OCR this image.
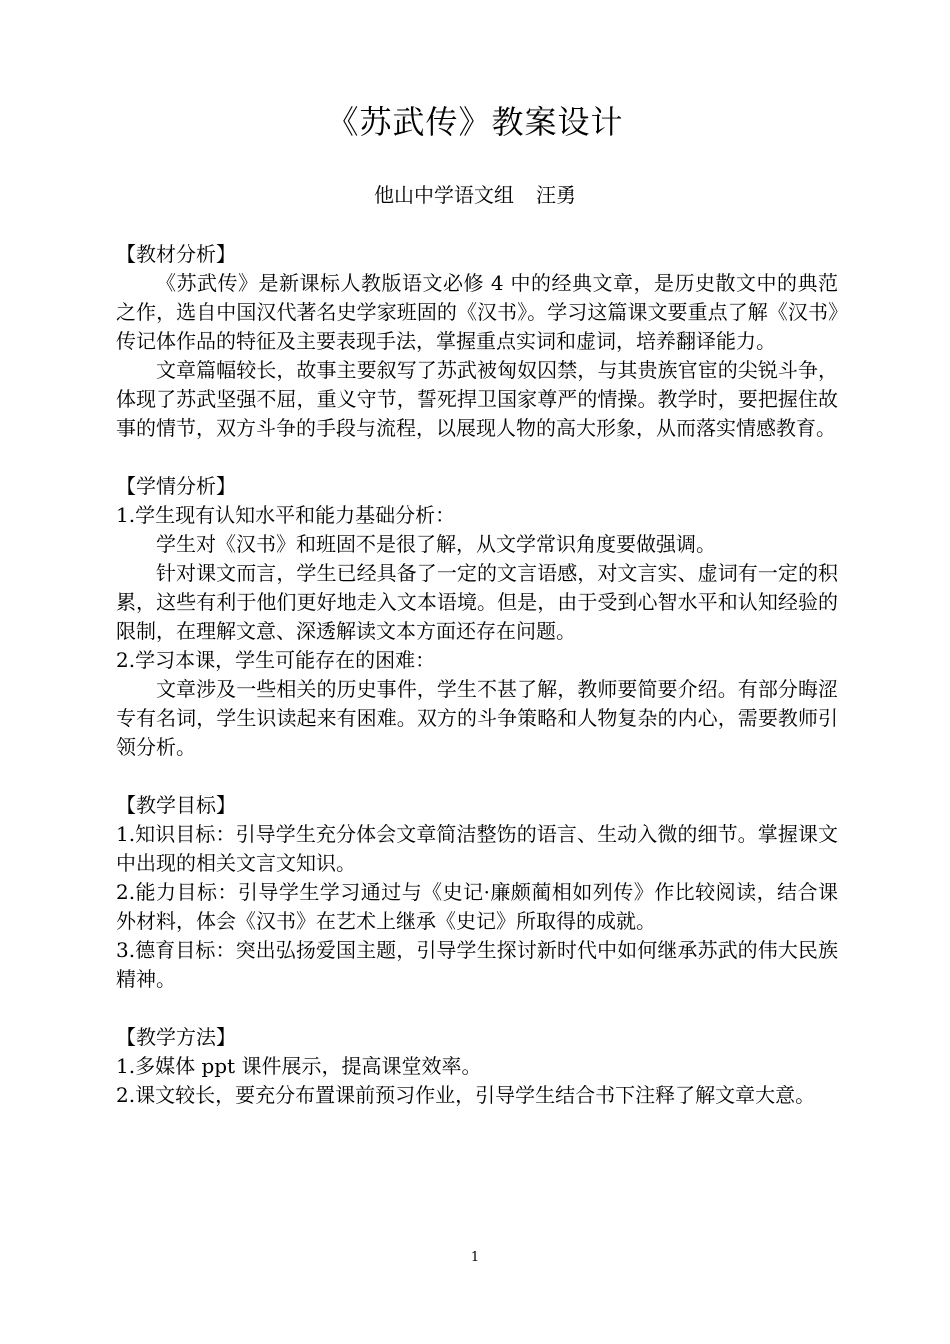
《苏武传》教案设计
他山中学语文组 汪勇

【教材分析】

《苏武传》是新课标人教版语文必修 4 中的经典文章，是历史散文中的典范之作，选自中国汉代著名史学家班固的《汉书》。学习这篇课文要重点了解《汉书》传记体作品的特征及主要表现手法，掌握重点实词和虚词，培养翻译能力。

文章篇幅较长，故事主要叙写了苏武被匈奴囚禁，与其贵族官宦的尖锐斗争，体现了苏武坚强不屈，重义守节，誓死捍卫国家尊严的情操。教学时，要把握住故事的情节，双方斗争的手段与流程，以展现人物的高大形象，从而落实情感教育。

【学情分析】

1.学生现有认知水平和能力基础分析：

学生对《汉书》和班固不是很了解，从文学常识角度要做强调。

针对课文而言，学生已经具备了一定的文言语感，对文言实、虚词有一定的积累，这些有利于他们更好地走入文本语境。但是，由于受到心智水平和认知经验的限制，在理解文意、深透解读文本方面还存在问题。

2.学习本课，学生可能存在的困难：

文章涉及一些相关的历史事件，学生不甚了解，教师要简要介绍。有部分晦涩专有名词，学生识读起来有困难。双方的斗争策略和人物复杂的内心，需要教师引领分析。

【教学目标】

1.知识目标：引导学生充分体会文章简洁整饬的语言、生动入微的细节。掌握课文中出现的相关文言文知识。

2.能力目标：引导学生学习通过与《史记·廉颇蔺相如列传》作比较阅读，结合课外材料，体会《汉书》在艺术上继承《史记》所取得的成就。

3.德育目标：突出弘扬爱国主题，引导学生探讨新时代中如何继承苏武的伟大民族精神。

【教学方法】

1.多媒体 ppt 课件展示，提高课堂效率。

2.课文较长，要充分布置课前预习作业，引导学生结合书下注释了解文章大意。

1
